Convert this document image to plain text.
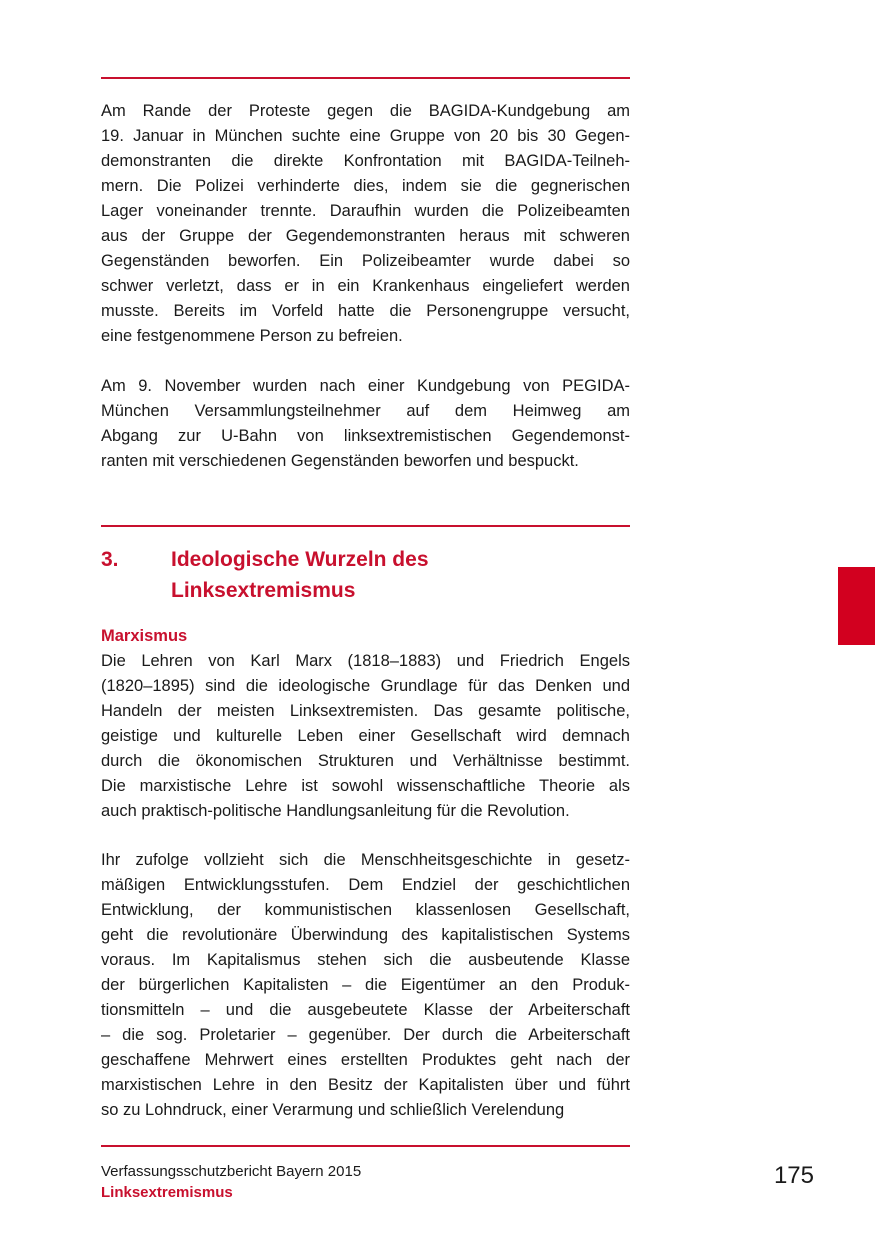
Am Rande der Proteste gegen die BAGIDA-Kundgebung am
19. Januar in München suchte eine Gruppe von 20 bis 30 Gegen-
demonstranten die direkte Konfrontation mit BAGIDA-Teilneh-
mern. Die Polizei verhinderte dies, indem sie die gegnerischen
Lager voneinander trennte. Daraufhin wurden die Polizeibeamten
aus der Gruppe der Gegendemonstranten heraus mit schweren
Gegenständen beworfen. Ein Polizeibeamter wurde dabei so
schwer verletzt, dass er in ein Krankenhaus eingeliefert werden
musste. Bereits im Vorfeld hatte die Personengruppe versucht,
eine festgenommene Person zu befreien.

Am 9. November wurden nach einer Kundgebung von PEGIDA-
München Versammlungsteilnehmer auf dem Heimweg am
Abgang zur U-Bahn von linksextremistischen Gegendemonst-
ranten mit verschiedenen Gegenständen beworfen und bespuckt.

3. Ideologische Wurzeln des
Linksextremismus
Marxismus

Die Lehren von Karl Marx (1818–1883) und Friedrich Engels
(1820–1895) sind die ideologische Grundlage für das Denken und
Handeln der meisten Linksextremisten. Das gesamte politische,
geistige und kulturelle Leben einer Gesellschaft wird demnach
durch die ökonomischen Strukturen und Verhältnisse bestimmt.
Die marxistische Lehre ist sowohl wissenschaftliche Theorie als
auch praktisch-politische Handlungsanleitung für die Revolution.

Ihr zufolge vollzieht sich die Menschheitsgeschichte in gesetz-
mäßigen Entwicklungsstufen. Dem Endziel der geschichtlichen
Entwicklung, der kommunistischen klassenlosen Gesellschaft,
geht die revolutionäre Überwindung des kapitalistischen Systems
voraus. Im Kapitalismus stehen sich die ausbeutende Klasse
der bürgerlichen Kapitalisten – die Eigentümer an den Produk-
tionsmitteln – und die ausgebeutete Klasse der Arbeiterschaft
– die sog. Proletarier – gegenüber. Der durch die Arbeiterschaft
geschaffene Mehrwert eines erstellten Produktes geht nach der
marxistischen Lehre in den Besitz der Kapitalisten über und führt
so zu Lohndruck, einer Verarmung und schließlich Verelendung

Verfassungsschutzbericht Bayern 2015
Linksextremismus
175
